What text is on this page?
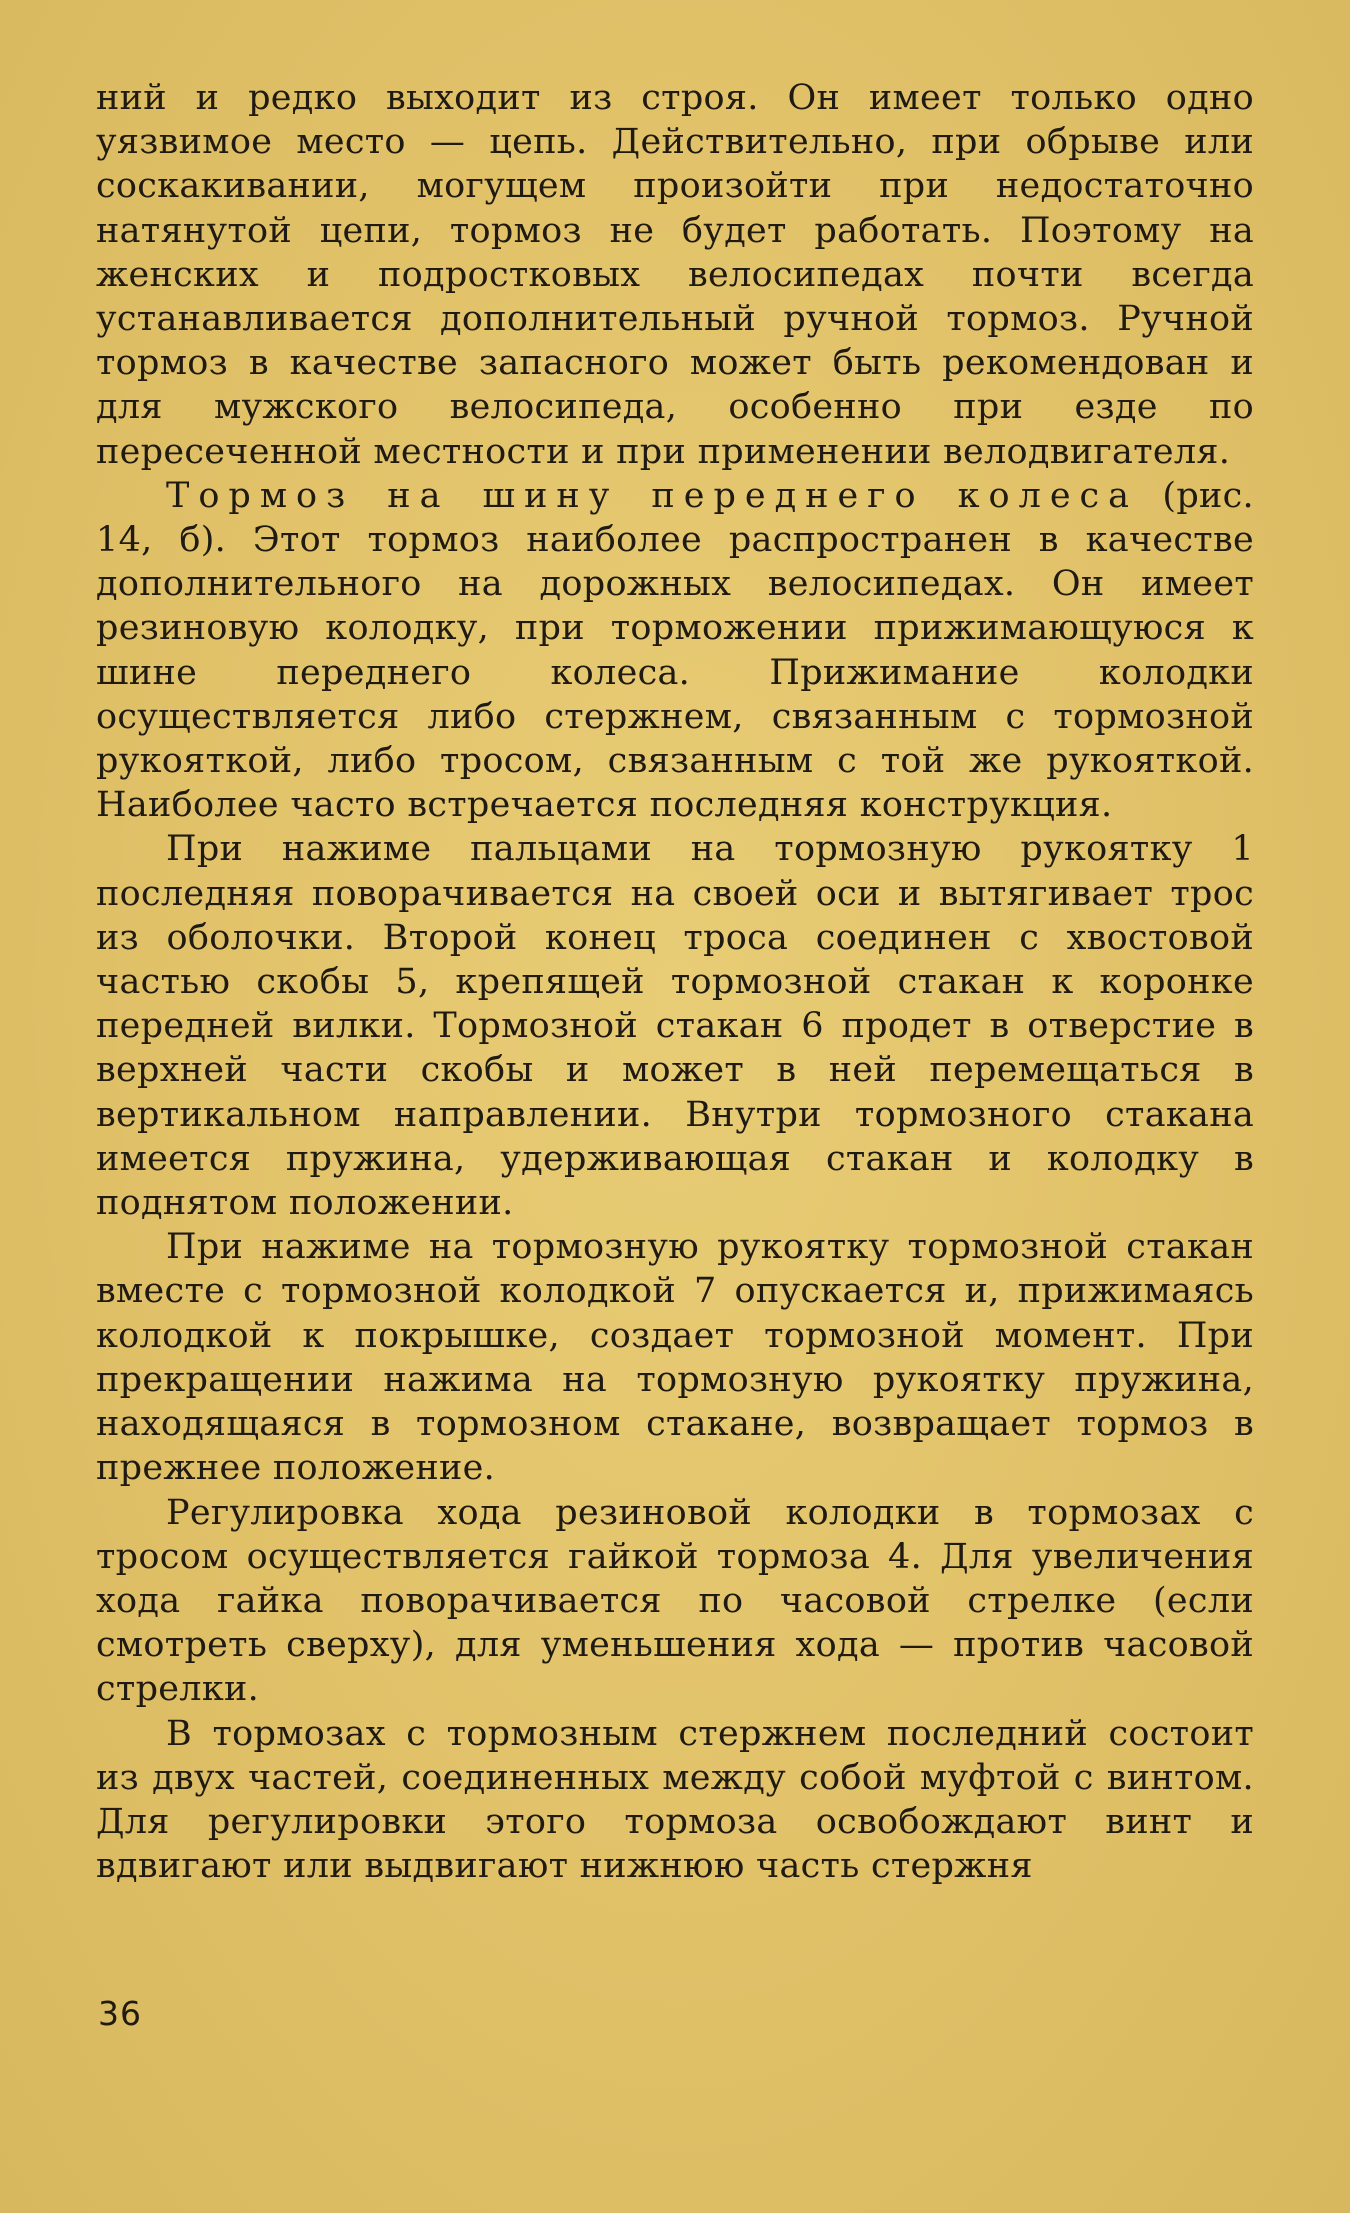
ний и редко выходит из строя. Он имеет только одно уязвимое место — цепь. Действительно, при обрыве или соскакивании, могущем произойти при недостаточно натянутой цепи, тормоз не будет работать. Поэтому на женских и подростковых велосипедах почти всегда устанавливается дополнительный ручной тормоз. Ручной тормоз в качестве запасного может быть рекомендован и для мужского велосипеда, особенно при езде по пересеченной местности и при применении велодвигателя.

Тормоз на шину переднего колеса (рис. 14, б). Этот тормоз наиболее распространен в качестве дополнительного на дорожных велосипедах. Он имеет резиновую колодку, при торможении прижимающуюся к шине переднего колеса. Прижимание колодки осуществляется либо стержнем, связанным с тормозной рукояткой, либо тросом, связанным с той же рукояткой. Наиболее часто встречается последняя конструкция.

При нажиме пальцами на тормозную рукоятку 1 последняя поворачивается на своей оси и вытягивает трос из оболочки. Второй конец троса соединен с хвостовой частью скобы 5, крепящей тормозной стакан к коронке передней вилки. Тормозной стакан 6 продет в отверстие в верхней части скобы и может в ней перемещаться в вертикальном направлении. Внутри тормозного стакана имеется пружина, удерживающая стакан и колодку в поднятом положении.

При нажиме на тормозную рукоятку тормозной стакан вместе с тормозной колодкой 7 опускается и, прижимаясь колодкой к покрышке, создает тормозной момент. При прекращении нажима на тормозную рукоятку пружина, находящаяся в тормозном стакане, возвращает тормоз в прежнее положение.

Регулировка хода резиновой колодки в тормозах с тросом осуществляется гайкой тормоза 4. Для увеличения хода гайка поворачивается по часовой стрелке (если смотреть сверху), для уменьшения хода — против часовой стрелки.

В тормозах с тормозным стержнем последний состоит из двух частей, соединенных между собой муфтой с винтом. Для регулировки этого тормоза освобождают винт и вдвигают или выдвигают нижнюю часть стержня

36
